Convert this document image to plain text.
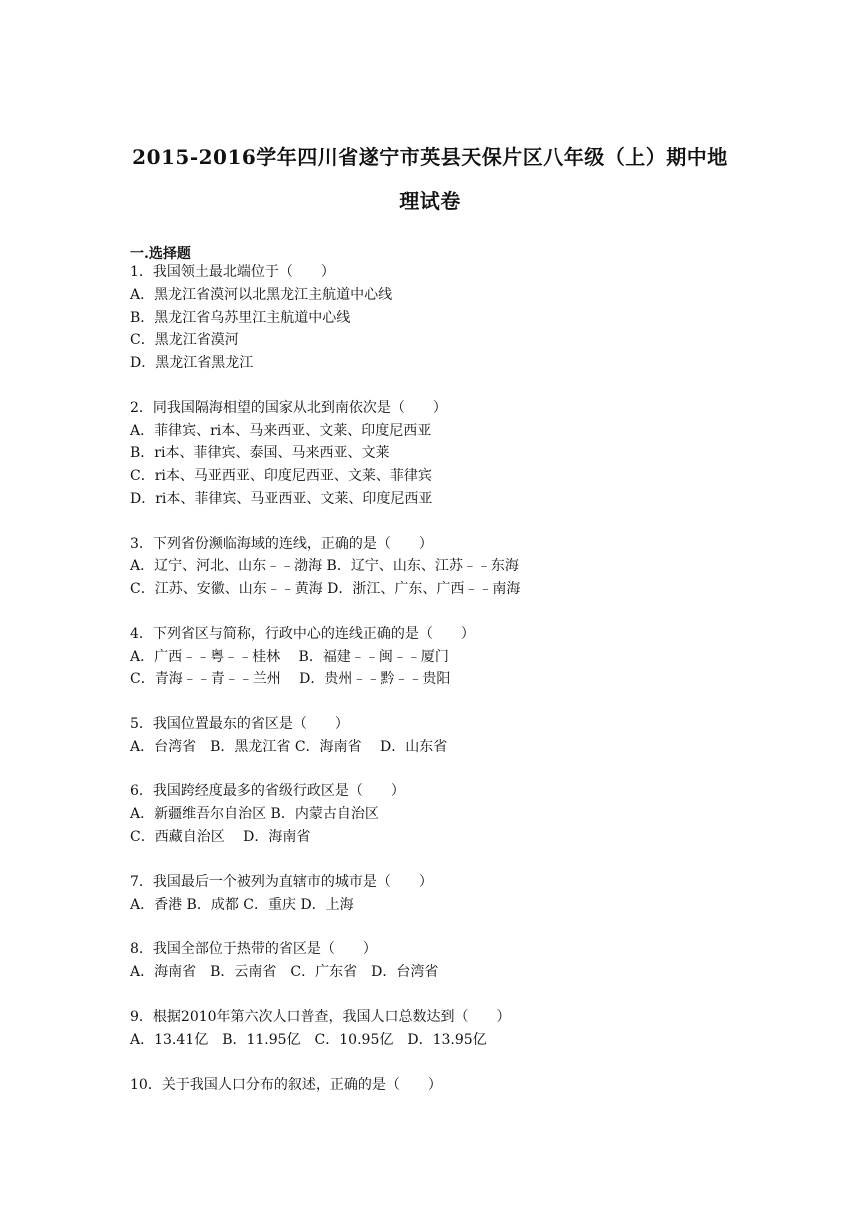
2015-2016学年四川省遂宁市英县天保片区八年级（上）期中地
理试卷
一.选择题
1．我国领土最北端位于（　　）
A．黑龙江省漠河以北黑龙江主航道中心线
B．黑龙江省乌苏里江主航道中心线
C．黑龙江省漠河
D．黑龙江省黑龙江
2．同我国隔海相望的国家从北到南依次是（　　）
A．菲律宾、ri本、马来西亚、文莱、印度尼西亚
B．ri本、菲律宾、泰国、马来西亚、文莱
C．ri本、马亚西亚、印度尼西亚、文莱、菲律宾
D．ri本、菲律宾、马亚西亚、文莱、印度尼西亚
3．下列省份濒临海域的连线，正确的是（　　）
A．辽宁、河北、山东﹣﹣渤海 B．辽宁、山东、江苏﹣﹣东海
C．江苏、安徽、山东﹣﹣黄海 D．浙江、广东、广西﹣﹣南海
4．下列省区与简称，行政中心的连线正确的是（　　）
A．广西﹣﹣粤﹣﹣桂林　 B．福建﹣﹣闽﹣﹣厦门
C．青海﹣﹣青﹣﹣兰州　 D．贵州﹣﹣黔﹣﹣贵阳
5．我国位置最东的省区是（　　）
A．台湾省　B．黑龙江省 C．海南省　 D．山东省
6．我国跨经度最多的省级行政区是（　　）
A．新疆维吾尔自治区 B．内蒙古自治区
C．西藏自治区　 D．海南省
7．我国最后一个被列为直辖市的城市是（　　）
A．香港 B．成都 C．重庆 D．上海
8．我国全部位于热带的省区是（　　）
A．海南省　B．云南省　C．广东省　D．台湾省
9．根据2010年第六次人口普查，我国人口总数达到（　　）
A．13.41亿　B．11.95亿　C．10.95亿　D．13.95亿
10．关于我国人口分布的叙述，正确的是（　　）
